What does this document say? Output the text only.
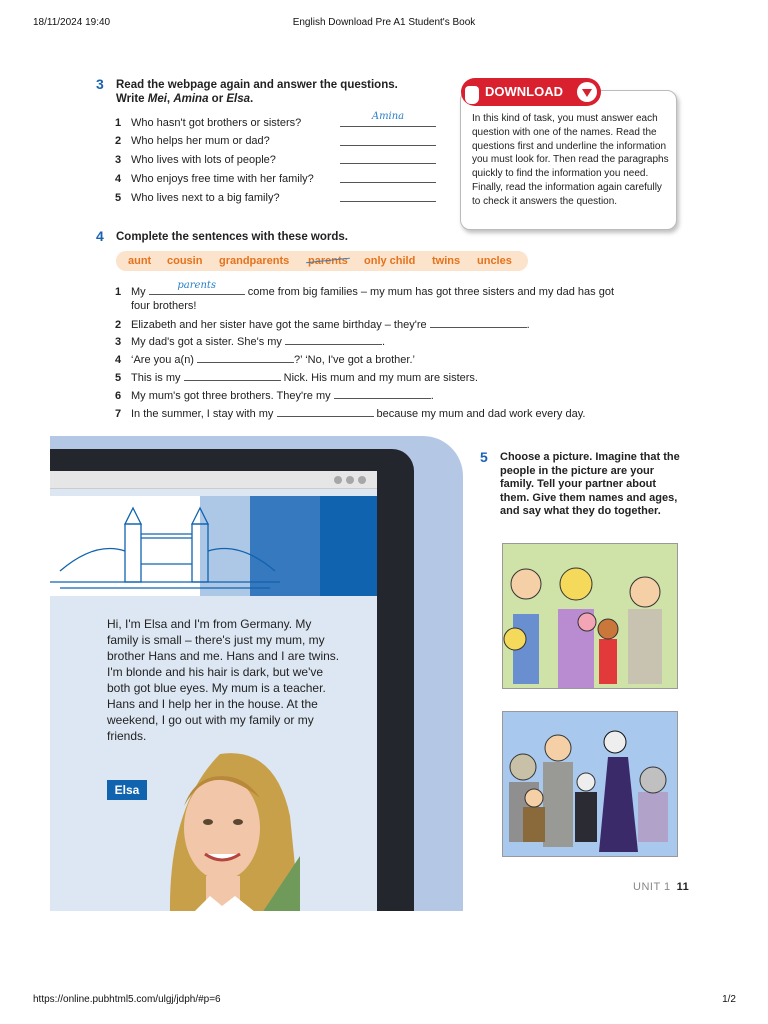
18/11/2024 19:40	English Download Pre A1 Student's Book
3 Read the webpage again and answer the questions.
Write Mei, Amina or Elsa.
1 Who hasn't got brothers or sisters?
Amina
2 Who helps her mum or dad?
3 Who lives with lots of people?
4 Who enjoys free time with her family?
5 Who lives next to a big family?
In this kind of task, you must answer each question with one of the names. Read the questions first and underline the information you must look for. Then read the paragraphs quickly to find the information you need. Finally, read the information again carefully to check it answers the question.
DOWNLOAD
4 Complete the sentences with these words.
aunt cousin grandparents parents only child twins uncles
1 My
parents
come from big families – my mum has got three sisters and my dad has got
four brothers!
2 Elizabeth and her sister have got the same birthday – they're	.
3 My dad's got a sister. She's my	.
4 ‘Are you a(n)	?’ ‘No, I've got a brother.’
5 This is my	Nick. His mum and my mum are sisters.
6 My mum's got three brothers. They're my	.
7 In the summer, I stay with my	because my mum and dad work every day.
Hi, I'm Elsa and I'm from Germany. My family is small – there's just my mum, my brother Hans and me. Hans and I are twins. I'm blonde and his hair is dark, but we've both got blue eyes. My mum is a teacher. Hans and I help her in the house. At the weekend, I go out with my family or my friends.
Elsa
5 Choose a picture. Imagine that the people in the picture are your family. Tell your partner about them. Give them names and ages, and say what they do together.
UNIT 1 11
https://online.pubhtml5.com/ulgj/jdph/#p=6	1/2
